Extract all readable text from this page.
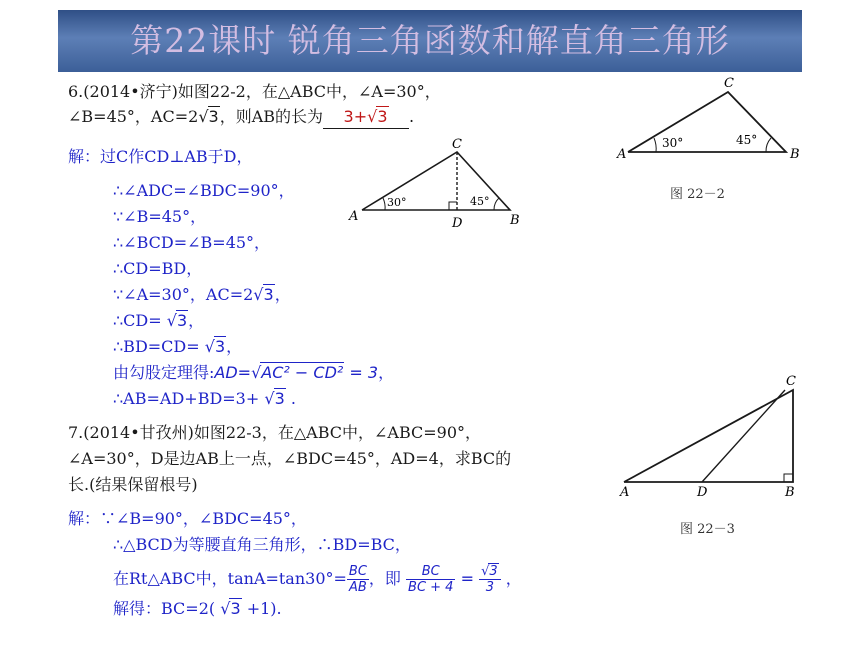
第22课时 锐角三角函数和解直角三角形
6.(2014•济宁)如图22-2，在△ABC中，∠A=30°，
∠B=45°，AC=2√3，则AB的长为 3+√3 .
解：过C作CD⊥AB于D，
∴∠ADC=∠BDC=90°，
∵∠B=45°，
∴∠BCD=∠B=45°，
∴CD=BD，
∵∠A=30°，AC=2√3，
∴CD= √3，
∴BD=CD= √3，
由勾股定理得:AD=√AC² − CD² = 3，
∴AB=AD+BD=3+ √3 .
7.(2014•甘孜州)如图22-3，在△ABC中，∠ABC=90°，
∠A=30°，D是边AB上一点，∠BDC=45°，AD=4，求BC的
长.(结果保留根号)
解：∵∠B=90°，∠BDC=45°，
∴△BCD为等腰直角三角形，∴BD=BC，
在Rt△ABC中，$\tan A=\tan 30^\circ= \frac{BC}{AB}$ ，即 $\frac{BC}{BC + 4} = \frac{√3}{3}$ ，
解得：BC=2( √3 +1).
A	B
C
30°	45°
图 22－2
A	B
C
D
30°	45°
C
A	D	B
图 22－3
